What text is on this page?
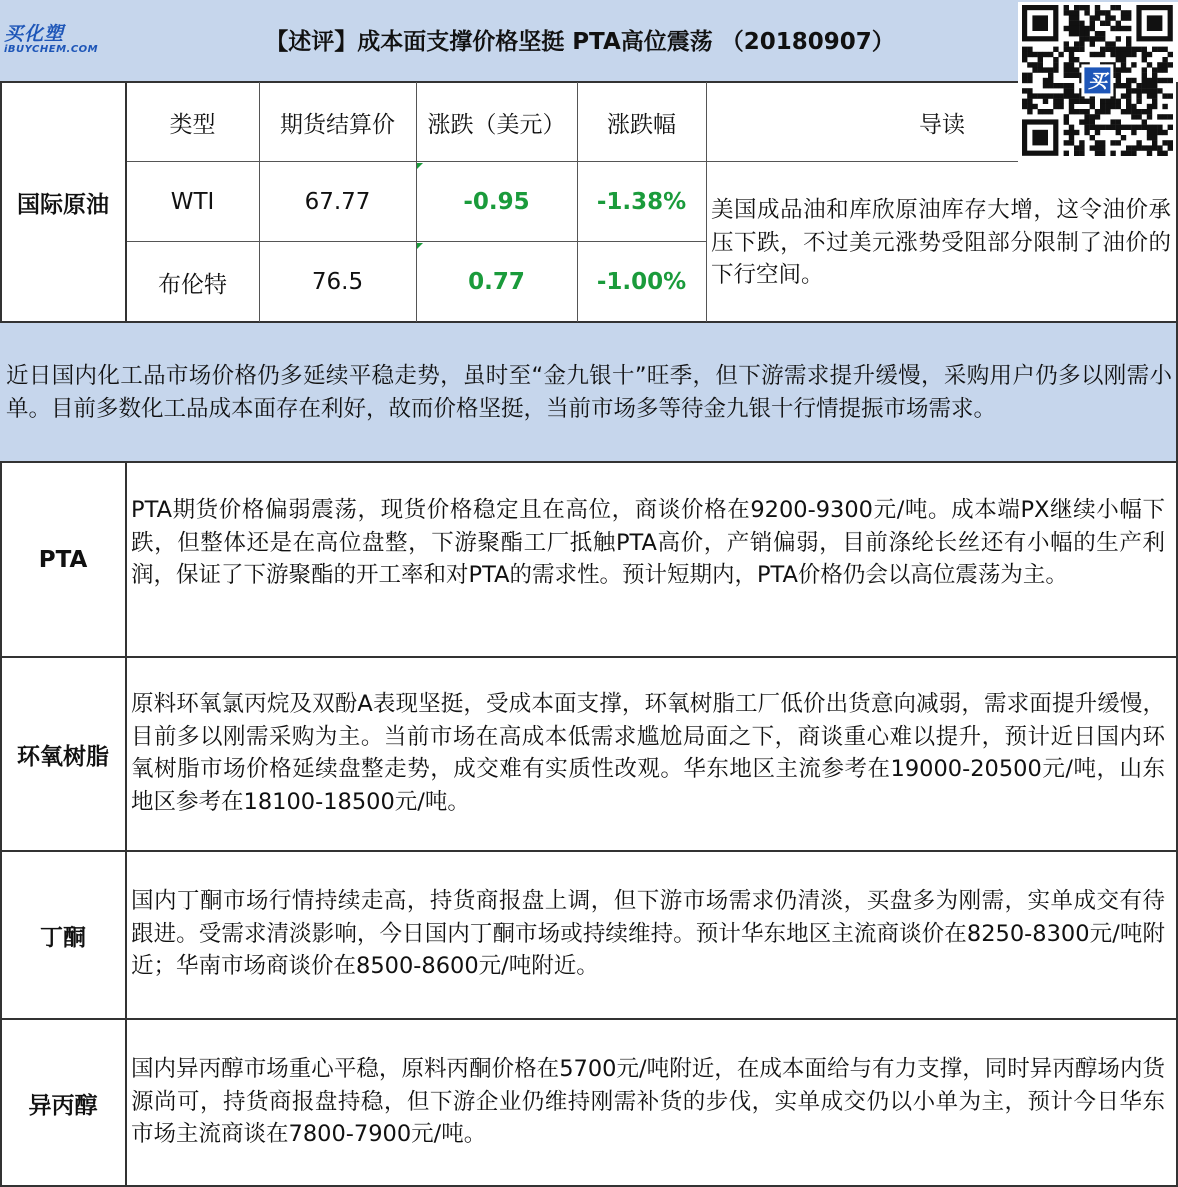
买化塑
iBUYCHEM.COM	【述评】成本面支撑价格坚挺 PTA高位震荡 （20180907）
买
国际原油
类型	期货结算价	涨跌（美元）	涨跌幅	导读
WTI	67.77	-0.95	-1.38%
布伦特	76.5	0.77	-1.00%
美国成品油和库欣原油库存大增，这令油价承压下跌，不过美元涨势受阻部分限制了油价的下行空间。
近日国内化工品市场价格仍多延续平稳走势，虽时至“金九银十”旺季，但下游需求提升缓慢，采购用户仍多以刚需小单。目前多数化工品成本面存在利好，故而价格坚挺，当前市场多等待金九银十行情提振市场需求。
PTA
PTA期货价格偏弱震荡，现货价格稳定且在高位，商谈价格在9200-9300元/吨。成本端PX继续小幅下跌，但整体还是在高位盘整，下游聚酯工厂抵触PTA高价，产销偏弱，目前涤纶长丝还有小幅的生产利润，保证了下游聚酯的开工率和对PTA的需求性。预计短期内，PTA价格仍会以高位震荡为主。
环氧树脂
原料环氧氯丙烷及双酚A表现坚挺，受成本面支撑，环氧树脂工厂低价出货意向减弱，需求面提升缓慢，目前多以刚需采购为主。当前市场在高成本低需求尴尬局面之下，商谈重心难以提升，预计近日国内环氧树脂市场价格延续盘整走势，成交难有实质性改观。华东地区主流参考在19000-20500元/吨，山东地区参考在18100-18500元/吨。
丁酮
国内丁酮市场行情持续走高，持货商报盘上调，但下游市场需求仍清淡，买盘多为刚需，实单成交有待跟进。受需求清淡影响，今日国内丁酮市场或持续维持。预计华东地区主流商谈价在8250-8300元/吨附近；华南市场商谈价在8500-8600元/吨附近。
异丙醇
国内异丙醇市场重心平稳，原料丙酮价格在5700元/吨附近，在成本面给与有力支撑，同时异丙醇场内货源尚可，持货商报盘持稳，但下游企业仍维持刚需补货的步伐，实单成交仍以小单为主，预计今日华东市场主流商谈在7800-7900元/吨。
